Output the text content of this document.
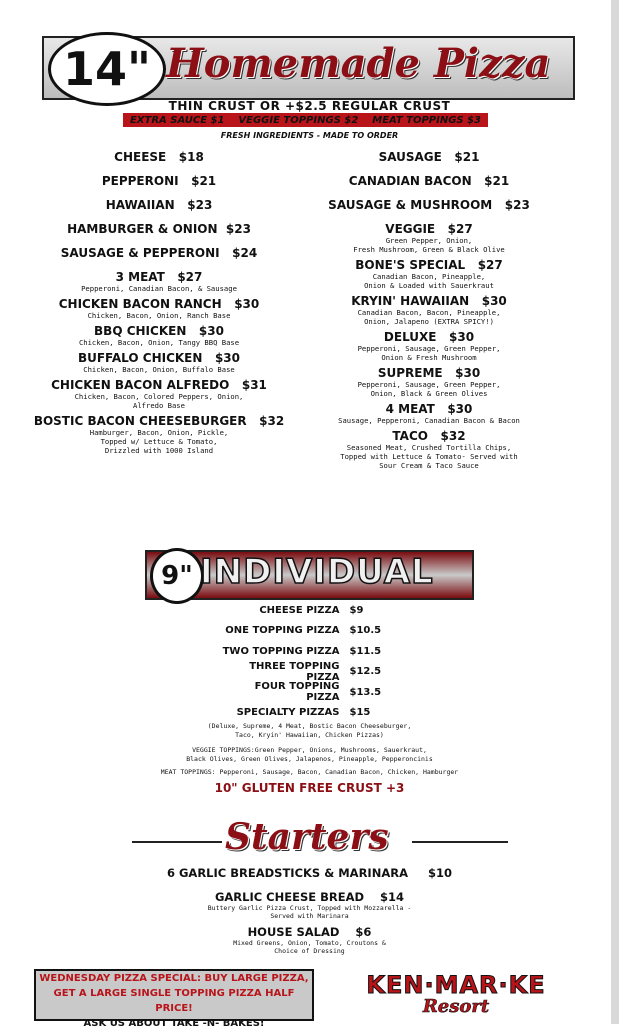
14" Homemade Pizza
THIN CRUST OR +$2.5 REGULAR CRUST
EXTRA SAUCE $1 VEGGIE TOPPINGS $2 MEAT TOPPINGS $3
FRESH INGREDIENTS - MADE TO ORDER
CHEESE   $18
PEPPERONI   $21
HAWAIIAN   $23
HAMBURGER & ONION  $23
SAUSAGE & PEPPERONI   $24
3 MEAT   $27
Pepperoni, Canadian Bacon, & Sausage
CHICKEN BACON RANCH   $30
Chicken, Bacon, Onion, Ranch Base
BBQ CHICKEN   $30
Chicken, Bacon, Onion, Tangy BBQ Base
BUFFALO CHICKEN   $30
Chicken, Bacon, Onion, Buffalo Base
CHICKEN BACON ALFREDO   $31
Chicken, Bacon, Colored Peppers, Onion,
Alfredo Base
BOSTIC BACON CHEESEBURGER   $32
Hamburger, Bacon, Onion, Pickle,
Topped w/ Lettuce & Tomato,
Drizzled with 1000 Island
SAUSAGE   $21
CANADIAN BACON   $21
SAUSAGE & MUSHROOM   $23
VEGGIE   $27
Green Pepper, Onion,
Fresh Mushroom, Green & Black Olive
BONE'S SPECIAL   $27
Canadian Bacon, Pineapple,
Onion & Loaded with Sauerkraut
KRYIN' HAWAIIAN   $30
Canadian Bacon, Bacon, Pineapple,
Onion, Jalapeno (EXTRA SPICY!)
DELUXE   $30
Pepperoni, Sausage, Green Pepper,
Onion & Fresh Mushroom
SUPREME   $30
Pepperoni, Sausage, Green Pepper,
Onion, Black & Green Olives
4 MEAT   $30
Sausage, Pepperoni, Canadian Bacon & Bacon
TACO   $32
Seasoned Meat, Crushed Tortilla Chips,
Topped with Lettuce & Tomato- Served with
Sour Cream & Taco Sauce
9" INDIVIDUAL
CHEESE PIZZA	$9
ONE TOPPING PIZZA	$10.5
TWO TOPPING PIZZA	$11.5
THREE TOPPING PIZZA	$12.5
FOUR TOPPING PIZZA	$13.5
SPECIALTY PIZZAS	$15
(Deluxe, Supreme, 4 Meat, Bostic Bacon Cheeseburger,
Taco, Kryin' Hawaiian, Chicken Pizzas)
VEGGIE TOPPINGS:Green Pepper, Onions, Mushrooms, Sauerkraut,
Black Olives, Green Olives, Jalapenos, Pineapple, Pepperoncinis
MEAT TOPPINGS: Pepperoni, Sausage, Bacon, Canadian Bacon, Chicken, Hamburger
10" GLUTEN FREE CRUST +3
Starters
6 GARLIC BREADSTICKS & MARINARA     $10
GARLIC CHEESE BREAD    $14
Buttery Garlic Pizza Crust, Topped with Mozzarella -
Served with Marinara
HOUSE SALAD    $6
Mixed Greens, Onion, Tomato, Croutons &
Choice of Dressing
WEDNESDAY PIZZA SPECIAL: BUY LARGE PIZZA,
GET A LARGE SINGLE TOPPING PIZZA HALF PRICE!
ASK US ABOUT TAKE -N- BAKES!
KEN·MAR·KE
Resort
